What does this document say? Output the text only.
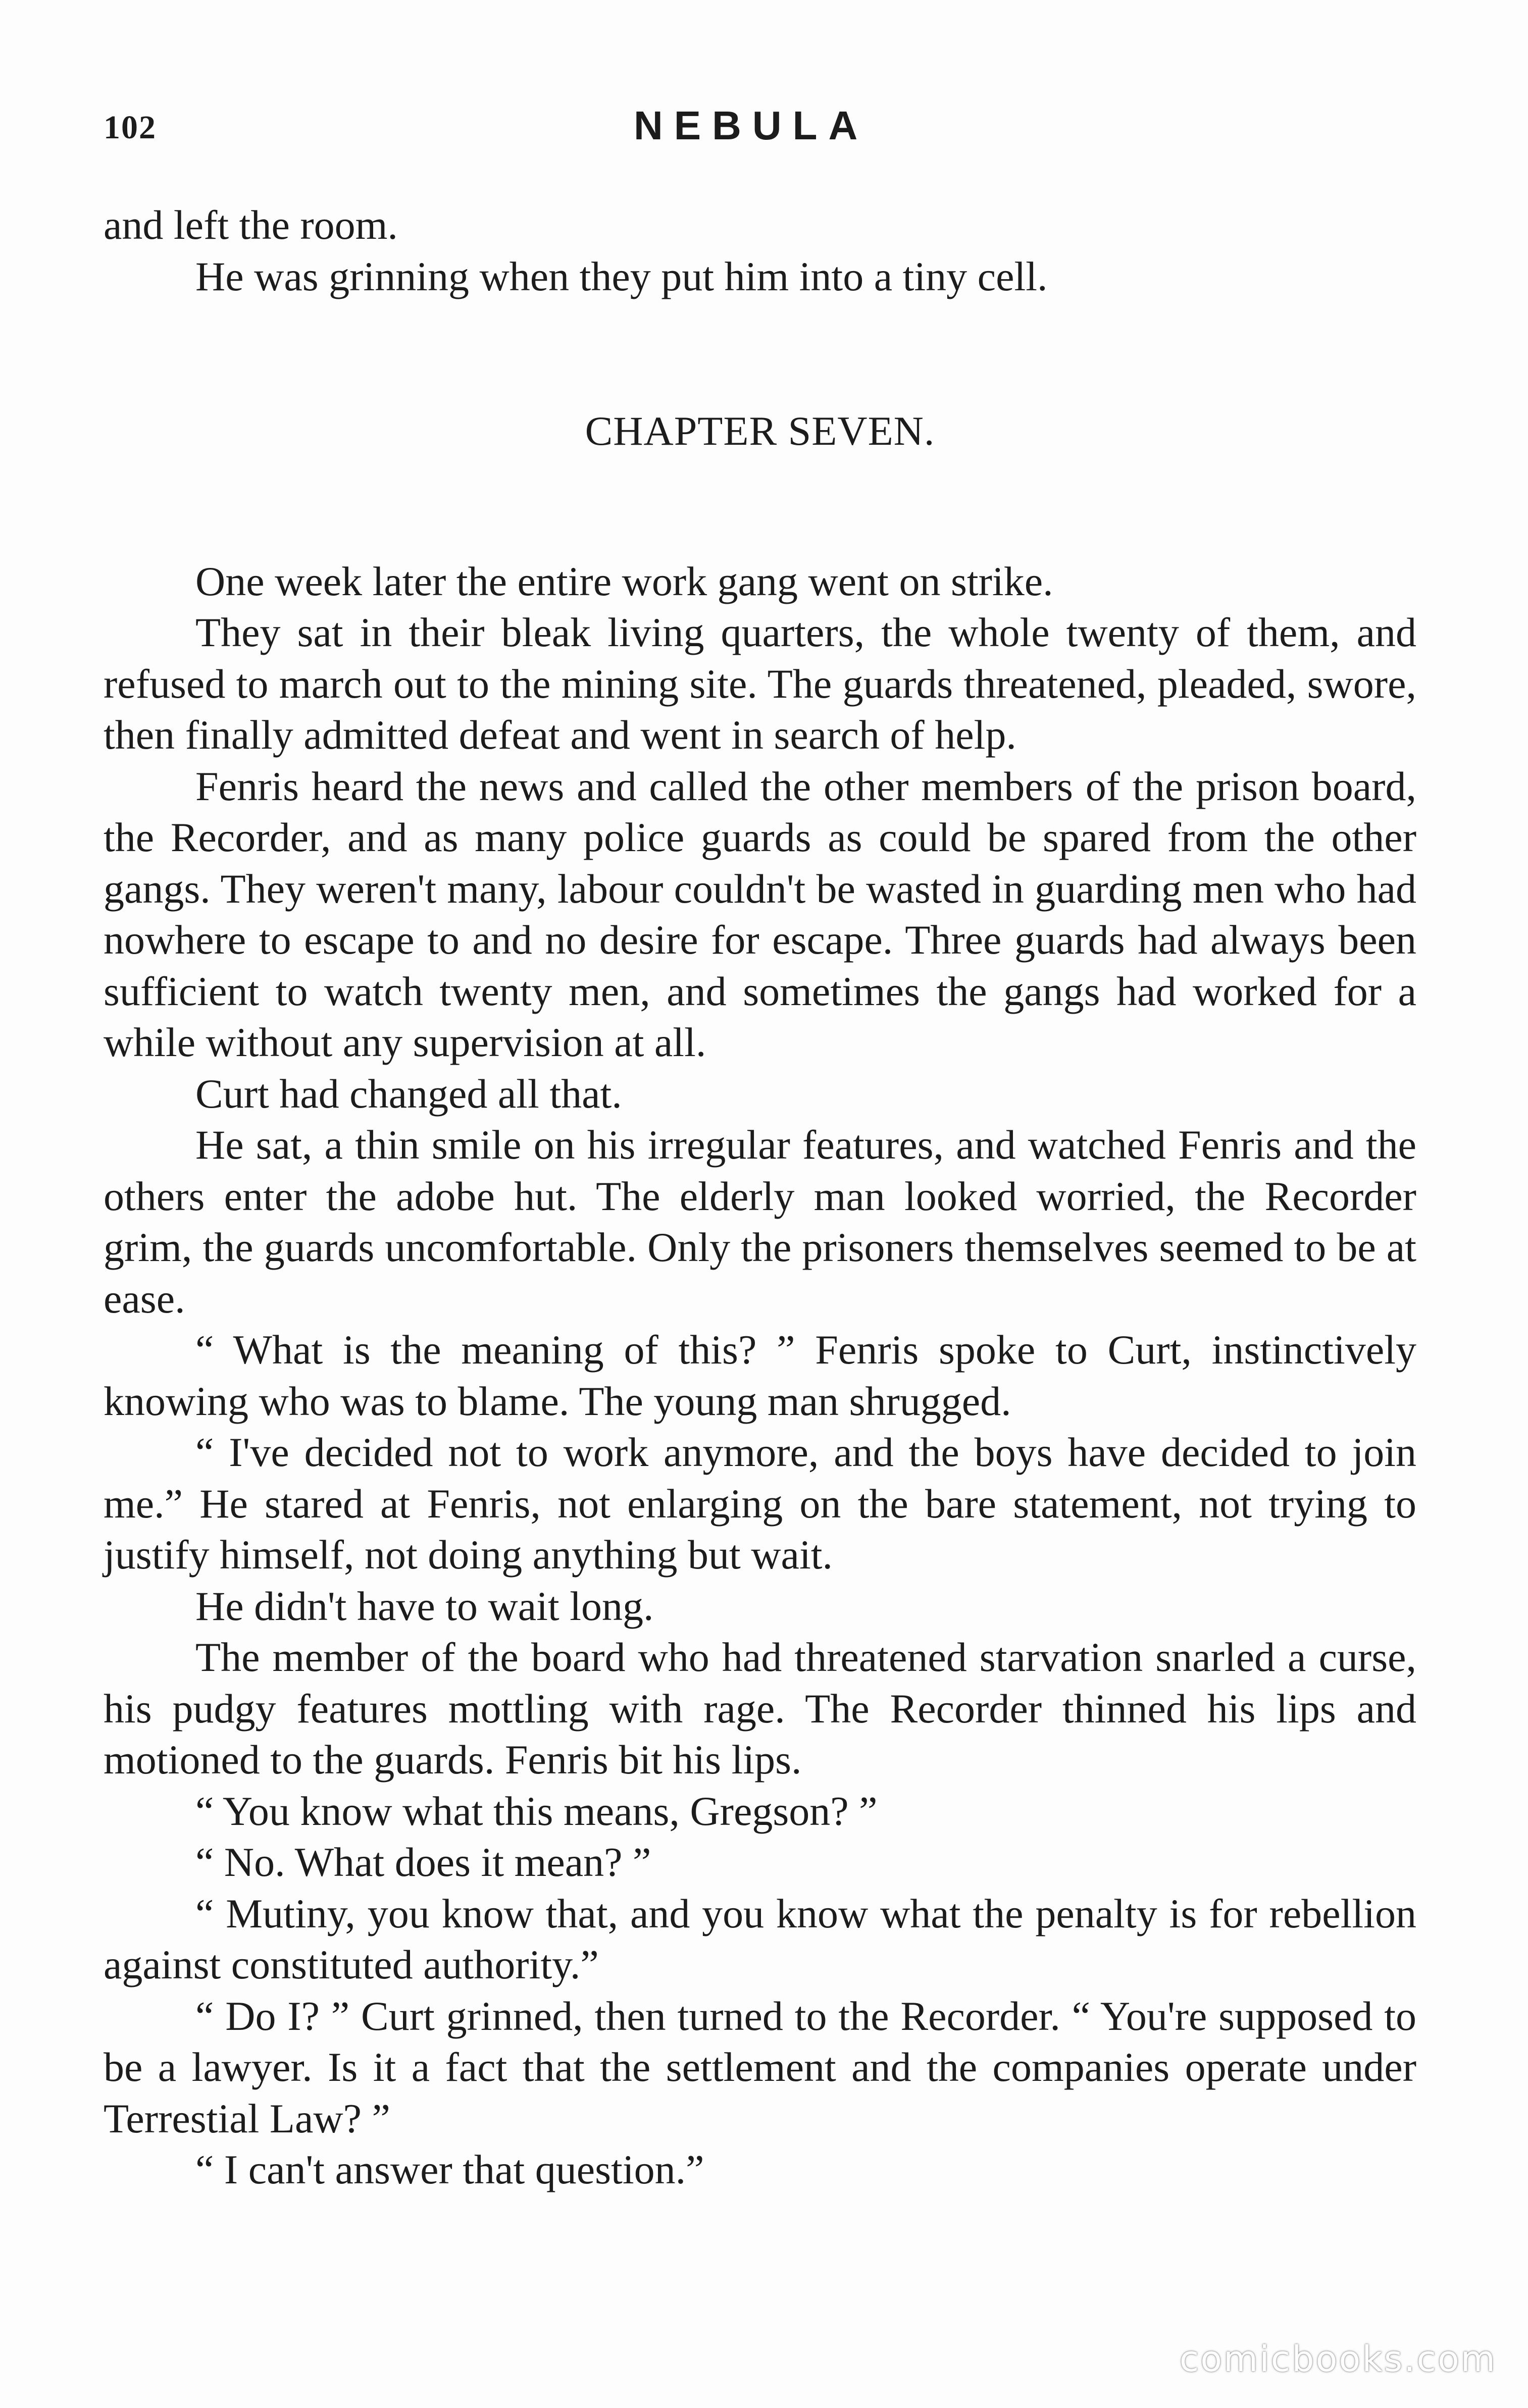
102	NEBULA

and left the room.

He was grinning when they put him into a tiny cell.

CHAPTER SEVEN.

One week later the entire work gang went on strike.

They sat in their bleak living quarters, the whole twenty of them, and refused to march out to the mining site. The guards threatened, pleaded, swore, then finally admitted defeat and went in search of help.

Fenris heard the news and called the other members of the prison board, the Recorder, and as many police guards as could be spared from the other gangs. They weren't many, labour couldn't be wasted in guarding men who had nowhere to escape to and no desire for escape. Three guards had always been sufficient to watch twenty men, and sometimes the gangs had worked for a while without any supervision at all.

Curt had changed all that.

He sat, a thin smile on his irregular features, and watched Fenris and the others enter the adobe hut. The elderly man looked worried, the Recorder grim, the guards uncomfortable. Only the prisoners themselves seemed to be at ease.

“ What is the meaning of this? ” Fenris spoke to Curt, instinctively knowing who was to blame. The young man shrugged.

“ I've decided not to work anymore, and the boys have decided to join me.” He stared at Fenris, not enlarging on the bare statement, not trying to justify himself, not doing anything but wait.

He didn't have to wait long.

The member of the board who had threatened starvation snarled a curse, his pudgy features mottling with rage. The Recorder thinned his lips and motioned to the guards. Fenris bit his lips.

“ You know what this means, Gregson? ”

“ No. What does it mean? ”

“ Mutiny, you know that, and you know what the penalty is for rebellion against constituted authority.”

“ Do I? ” Curt grinned, then turned to the Recorder. “ You're supposed to be a lawyer. Is it a fact that the settlement and the companies operate under Terrestial Law? ”

“ I can't answer that question.”

comicbooks.com
